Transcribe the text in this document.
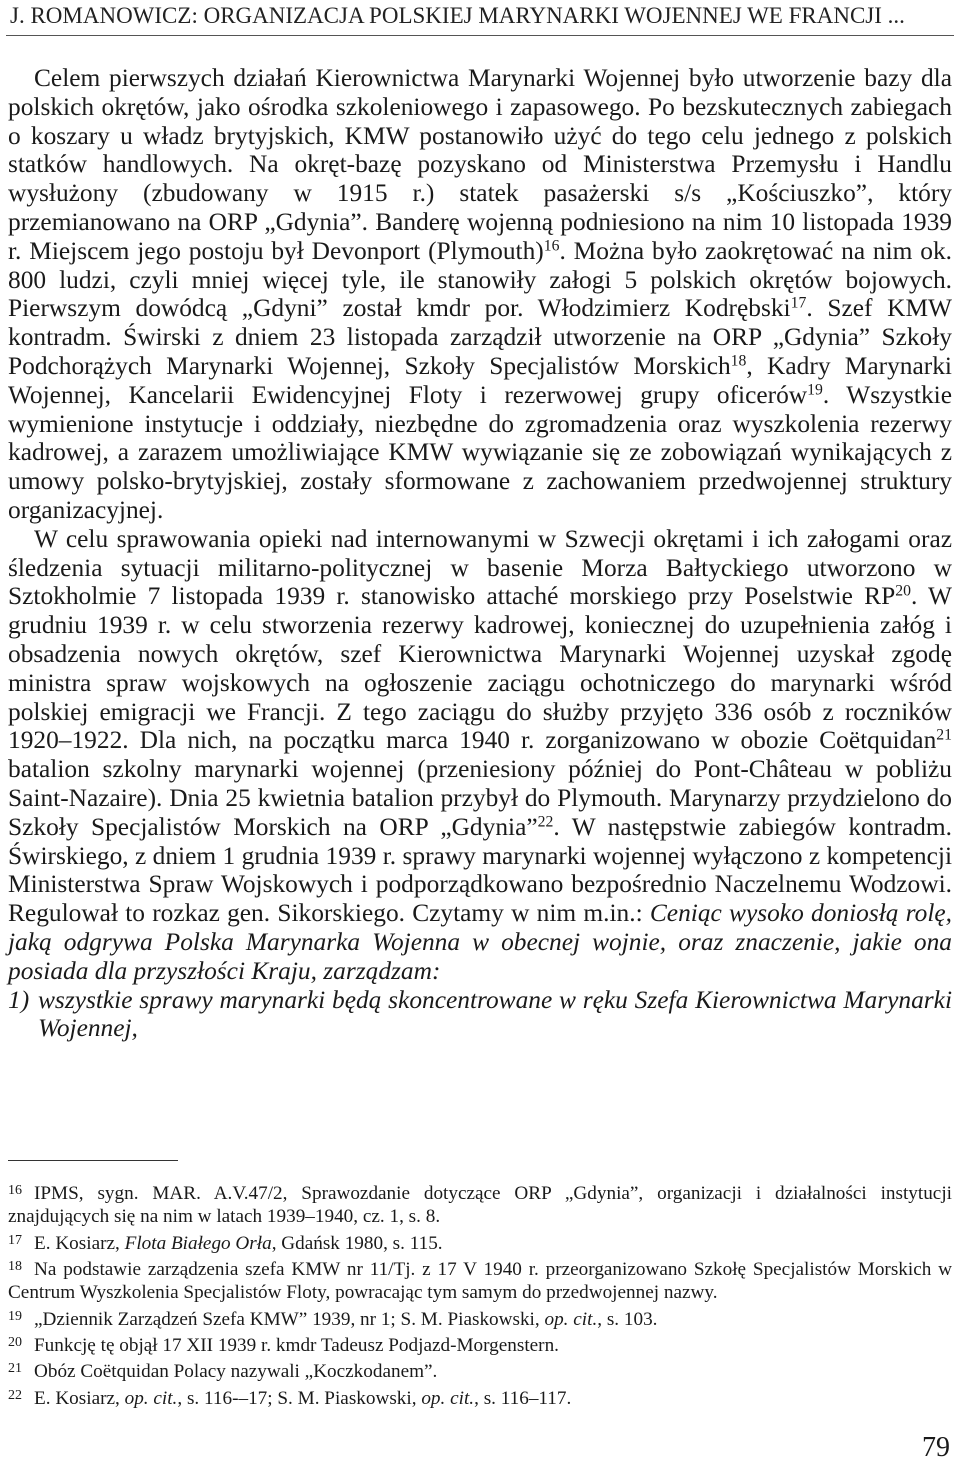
J. ROMANOWICZ: ORGANIZACJA POLSKIEJ MARYNARKI WOJENNEJ WE FRANCJI ...

Celem pierwszych działań Kierownictwa Marynarki Wojennej było utworzenie bazy dla polskich okrętów, jako ośrodka szkoleniowego i zapasowego. Po bezskutecznych zabiegach o koszary u władz brytyjskich, KMW postanowiło użyć do tego celu jednego z polskich statków handlowych. Na okręt-bazę pozyskano od Ministerstwa Przemysłu i Handlu wysłużony (zbudowany w 1915 r.) statek pasażerski s/s „Kościuszko”, który przemianowano na ORP „Gdynia”. Banderę wojenną podniesiono na nim 10 listopada 1939 r. Miejscem jego postoju był Devonport (Plymouth)$^{16}$. Można było zaokrętować na nim ok. 800 ludzi, czyli mniej więcej tyle, ile stanowiły załogi 5 polskich okrętów bojowych. Pierwszym dowódcą „Gdyni” został kmdr por. Włodzimierz Kodrębski$^{17}$. Szef KMW kontradm. Świrski z dniem 23 listopada zarządził utworzenie na ORP „Gdynia” Szkoły Podchorążych Marynarki Wojennej, Szkoły Specjalistów Morskich$^{18}$, Kadry Marynarki Wojennej, Kancelarii Ewidencyjnej Floty i rezerwowej grupy oficerów$^{19}$. Wszystkie wymienione instytucje i oddziały, niezbędne do zgromadzenia oraz wyszkolenia rezerwy kadrowej, a zarazem umożliwiające KMW wywiązanie się ze zobowiązań wynikających z umowy polsko-brytyjskiej, zostały sformowane z zachowaniem przedwojennej struktury organizacyjnej.

W celu sprawowania opieki nad internowanymi w Szwecji okrętami i ich załogami oraz śledzenia sytuacji militarno-politycznej w basenie Morza Bałtyckiego utworzono w Sztokholmie 7 listopada 1939 r. stanowisko attaché morskiego przy Poselstwie RP$^{20}$. W grudniu 1939 r. w celu stworzenia rezerwy kadrowej, koniecznej do uzupełnienia załóg i obsadzenia nowych okrętów, szef Kierownictwa Marynarki Wojennej uzyskał zgodę ministra spraw wojskowych na ogłoszenie zaciągu ochotniczego do marynarki wśród polskiej emigracji we Francji. Z tego zaciągu do służby przyjęto 336 osób z roczników 1920–1922. Dla nich, na początku marca 1940 r. zorganizowano w obozie Coëtquidan$^{21}$ batalion szkolny marynarki wojennej (przeniesiony później do Pont-Château w pobliżu Saint-Nazaire). Dnia 25 kwietnia batalion przybył do Plymouth. Marynarzy przydzielono do Szkoły Specjalistów Morskich na ORP „Gdynia”$^{22}$. W następstwie zabiegów kontradm. Świrskiego, z dniem 1 grudnia 1939 r. sprawy marynarki wojennej wyłączono z kompetencji Ministerstwa Spraw Wojskowych i podporządkowano bezpośrednio Naczelnemu Wodzowi. Regulował to rozkaz gen. Sikorskiego. Czytamy w nim m.in.: Ceniąc wysoko doniosłą rolę, jaką odgrywa Polska Marynarka Wojenna w obecnej wojnie, oraz znaczenie, jakie ona posiada dla przyszłości Kraju, zarządzam:

1) wszystkie sprawy marynarki będą skoncentrowane w ręku Szefa Kierownictwa Marynarki Wojennej,

16 IPMS, sygn. MAR. A.V.47/2, Sprawozdanie dotyczące ORP „Gdynia”, organizacji i działalności instytucji znajdujących się na nim w latach 1939–1940, cz. 1, s. 8.

17 E. Kosiarz, Flota Białego Orła, Gdańsk 1980, s. 115.

18 Na podstawie zarządzenia szefa KMW nr 11/Tj. z 17 V 1940 r. przeorganizowano Szkołę Specjalistów Morskich w Centrum Wyszkolenia Specjalistów Floty, powracając tym samym do przedwojennej nazwy.

19 „Dziennik Zarządzeń Szefa KMW” 1939, nr 1; S. M. Piaskowski, op. cit., s. 103.

20 Funkcję tę objął 17 XII 1939 r. kmdr Tadeusz Podjazd-Morgenstern.

21 Obóz Coëtquidan Polacy nazywali „Koczkodanem”.

22 E. Kosiarz, op. cit., s. 116-–17; S. M. Piaskowski, op. cit., s. 116–117.

79
